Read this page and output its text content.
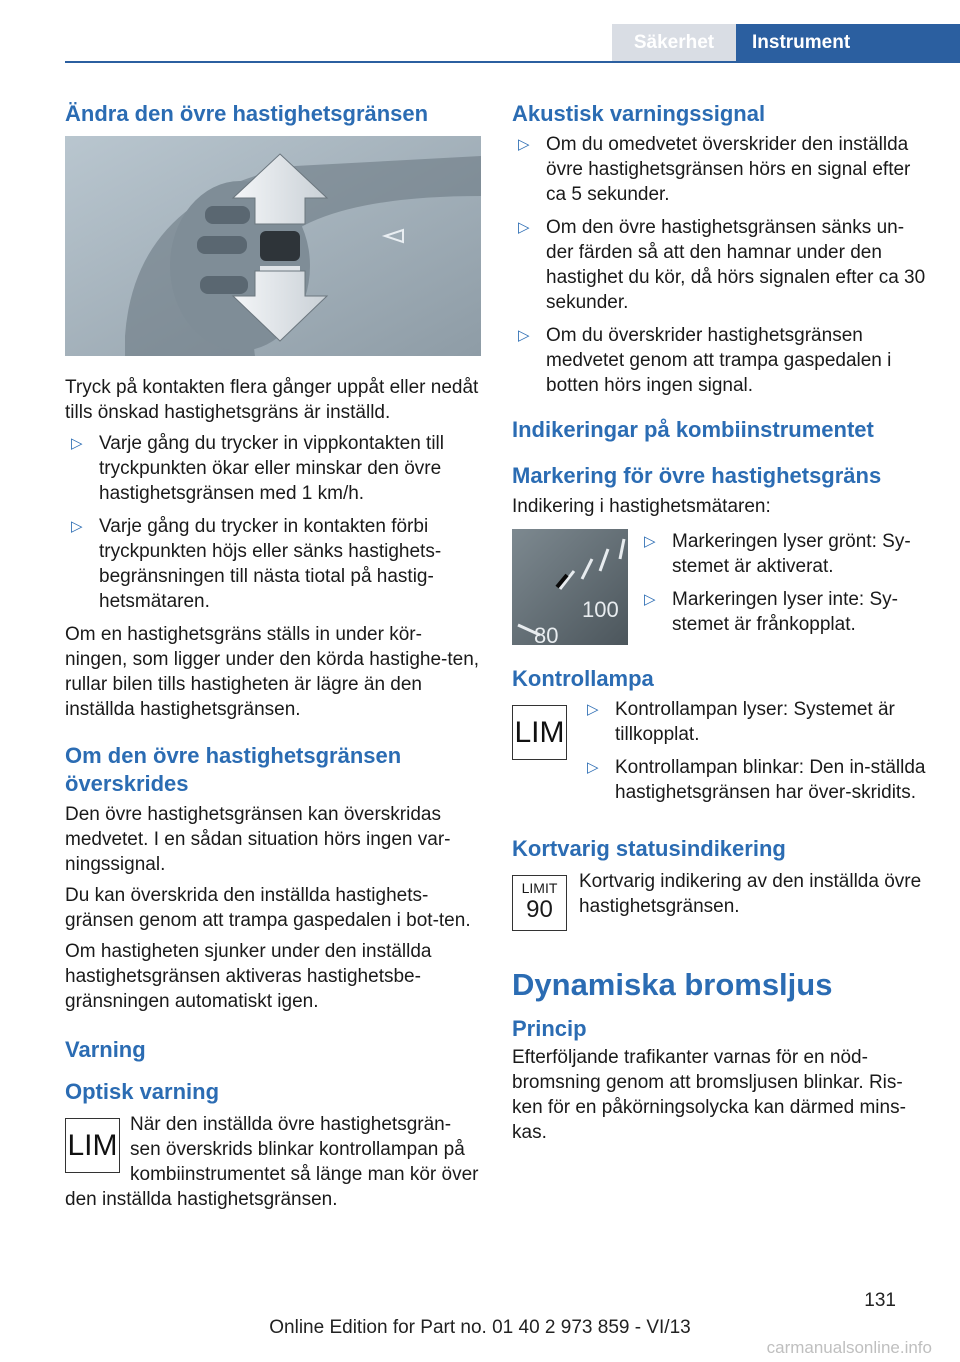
Säkerhet	Instrument
Ändra den övre hastighetsgränsen

Tryck på kontakten flera gånger uppåt eller nedåt tills önskad hastighetsgräns är inställd.

▷ Varje gång du trycker in vippkontakten till tryckpunkten ökar eller minskar den övre hastighetsgränsen med 1 km/h.
▷ Varje gång du trycker in kontakten förbi tryckpunkten höjs eller sänks hastighets-begränsningen till nästa tiotal på hastig-hetsmätaren.

Om en hastighetsgräns ställs in under kör-ningen, som ligger under den körda hastighe-ten, rullar bilen tills hastigheten är lägre än den inställda hastighetsgränsen.

Om den övre hastighetsgränsen överskrides

Den övre hastighetsgränsen kan överskridas medvetet. I en sådan situation hörs ingen var-ningssignal.

Du kan överskrida den inställda hastighets-gränsen genom att trampa gaspedalen i bot-ten.

Om hastigheten sjunker under den inställda hastighetsgränsen aktiveras hastighetsbe-gränsningen automatiskt igen.

Varning
Optisk varning
LIM

När den inställda övre hastighetsgrän-sen överskrids blinkar kontrollampan på kombiinstrumentet så länge man kör över den inställda hastighetsgränsen.

Akustisk varningssignal
▷ Om du omedvetet överskrider den inställda övre hastighetsgränsen hörs en signal efter ca 5 sekunder.
▷ Om den övre hastighetsgränsen sänks un-der färden så att den hamnar under den hastighet du kör, då hörs signalen efter ca 30 sekunder.
▷ Om du överskrider hastighetsgränsen medvetet genom att trampa gaspedalen i botten hörs ingen signal.
Indikeringar på kombiinstrumentet
Markering för övre hastighetsgräns

Indikering i hastighetsmätaren:

100
80
▷ Markeringen lyser grönt: Sy-stemet är aktiverat.
▷ Markeringen lyser inte: Sy-stemet är frånkopplat.
Kontrollampa
LIM
▷ Kontrollampan lyser: Systemet är tillkopplat.
▷ Kontrollampan blinkar: Den in-ställda hastighetsgränsen har över-skridits.
Kortvarig statusindikering
LIMIT
90

Kortvarig indikering av den inställda övre hastighetsgränsen.

Dynamiska bromsljus
Princip

Efterföljande trafikanter varnas för en nöd-bromsning genom att bromsljusen blinkar. Ris-ken för en påkörningsolycka kan därmed mins-kas.

131
Online Edition for Part no. 01 40 2 973 859 - VI/13
carmanualsonline.info
